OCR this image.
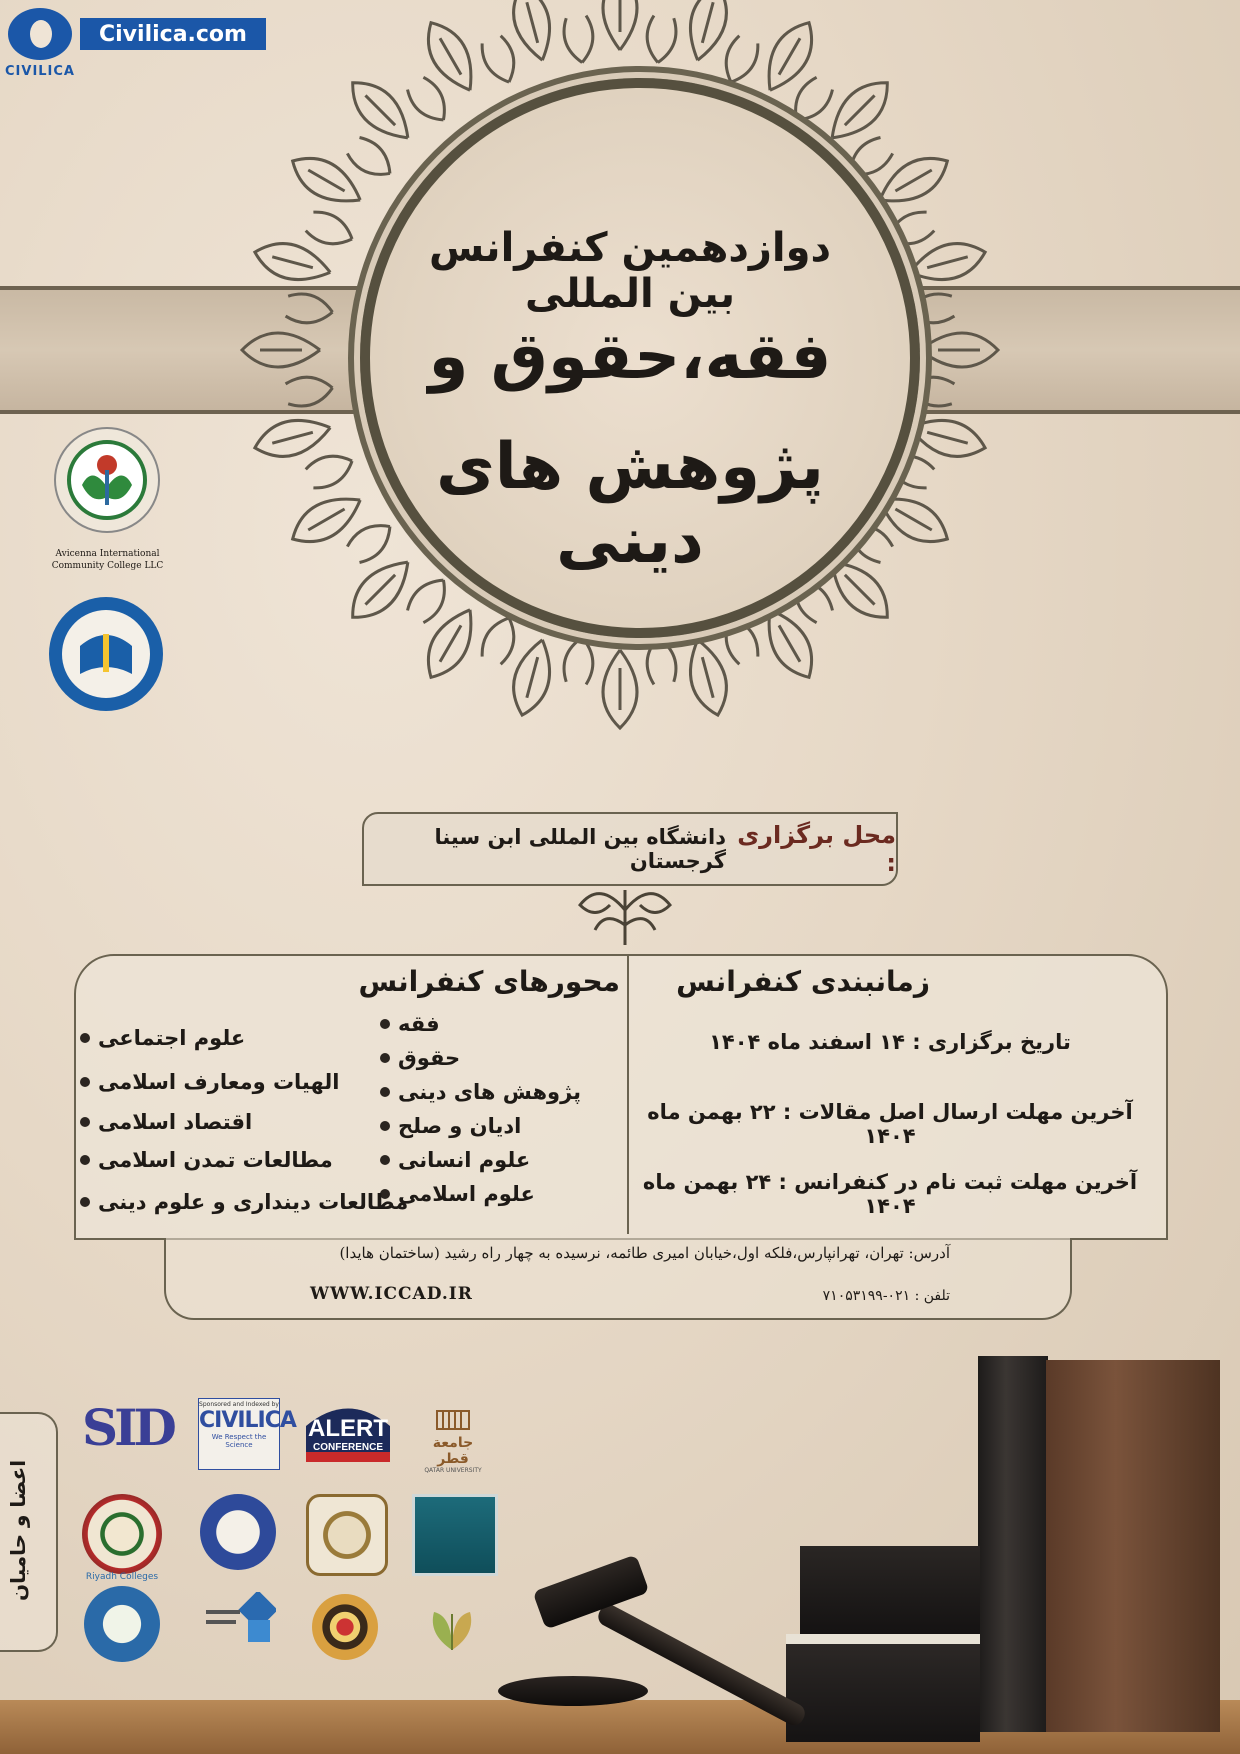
CIVILICA
Civilica.com
دوازدهمین کنفرانس بین المللی
فقه،حقوق و
پژوهش های دینی
Avicenna International Community College LLC
محل برگزاری :
دانشگاه بین المللی ابن سینا گرجستان
زمانبندی کنفرانس
تاریخ برگزاری : ۱۴ اسفند ماه ۱۴۰۴
آخرین مهلت ارسال اصل مقالات : ۲۲ بهمن ماه ۱۴۰۴
آخرین مهلت ثبت نام در کنفرانس : ۲۴ بهمن ماه ۱۴۰۴
محورهای کنفرانس
فقه
حقوق
پژوهش های دینی
ادیان و صلح
علوم انسانی
علوم اسلامی
علوم اجتماعی
الهیات ومعارف اسلامی
اقتصاد اسلامی
مطالعات تمدن اسلامی
مطالعات دینداری و علوم دینی
آدرس: تهران، تهرانپارس،فلکه اول،خیابان امیری طائمه، نرسیده به چهار راه رشید (ساختمان هایدا)
تلفن : ۰۲۱-۷۱۰۵۳۱۹۹
WWW.ICCAD.IR
اعضا و حامیان
SID	Sponsored and Indexed by
CIVILICA
We Respect the Science
ALERT
CONFERENCE	جامعة قطر
QATAR UNIVERSITY
Riyadh Colleges
